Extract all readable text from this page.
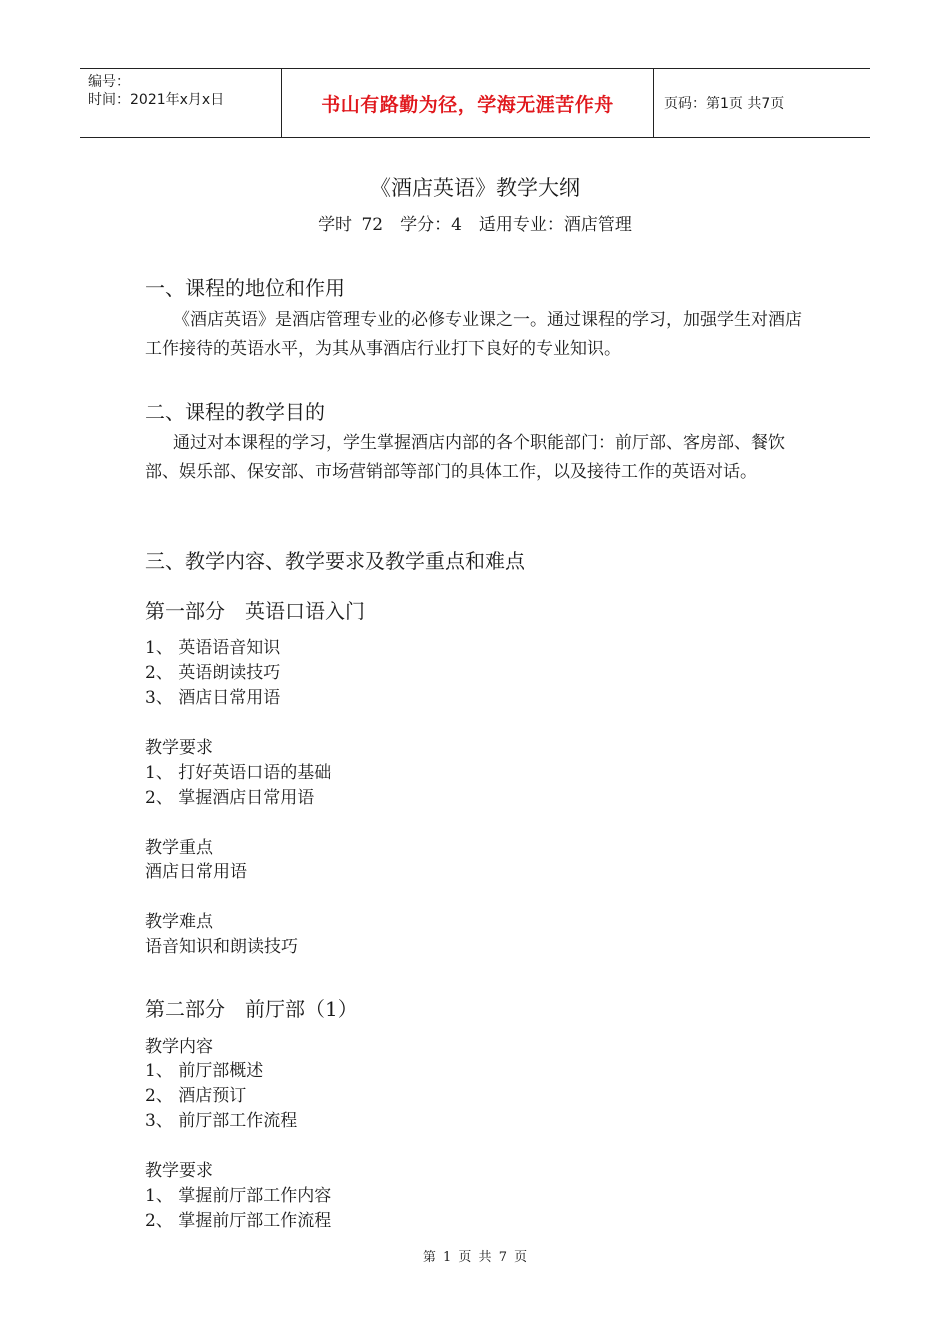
编号：
时间：2021年x月x日	书山有路勤为径，学海无涯苦作舟	页码：第1页 共7页
《酒店英语》教学大纲
学时 72　学分：4　适用专业：酒店管理
一、课程的地位和作用
《酒店英语》是酒店管理专业的必修专业课之一。通过课程的学习，加强学生对酒店工作接待的英语水平，为其从事酒店行业打下良好的专业知识。
二、课程的教学目的
通过对本课程的学习，学生掌握酒店内部的各个职能部门：前厅部、客房部、餐饮部、娱乐部、保安部、市场营销部等部门的具体工作，以及接待工作的英语对话。
三、教学内容、教学要求及教学重点和难点
第一部分　英语口语入门
1、 英语语音知识
2、 英语朗读技巧
3、 酒店日常用语
教学要求
1、 打好英语口语的基础
2、 掌握酒店日常用语
教学重点
酒店日常用语
教学难点
语音知识和朗读技巧
第二部分　前厅部（1）
教学内容
1、 前厅部概述
2、 酒店预订
3、 前厅部工作流程
教学要求
1、 掌握前厅部工作内容
2、 掌握前厅部工作流程
第 1 页 共 7 页
